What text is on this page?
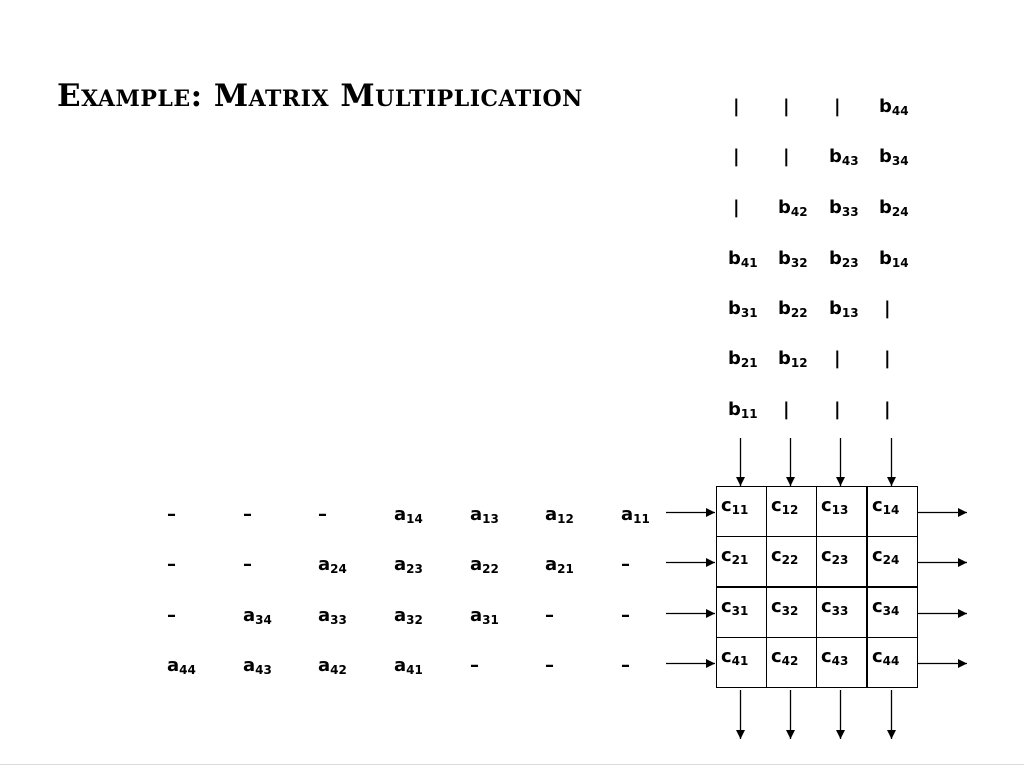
Example: Matrix Multiplication	| | | $b_{44}$
| | $b_{43}$ $b_{34}$
| $b_{42}$ $b_{33}$ $b_{24}$
$b_{41}$ $b_{32}$ $b_{23}$ $b_{14}$
$b_{31}$ $b_{22}$ $b_{13}$ |
$b_{21}$ $b_{12}$ | |
$b_{11}$ | | |
–	–	–	$a_{14}$	$a_{13}$	$a_{12}$	$a_{11}$
–	–	$a_{24}$	$a_{23}$	$a_{22}$	$a_{21}$	–
–	$a_{34}$	$a_{33}$	$a_{32}$	$a_{31}$	–	–
$a_{44}$	$a_{43}$	$a_{42}$	$a_{41}$	–	–	–
$c_{11}$ $c_{12}$ $c_{13}$ $c_{14}$
$c_{21}$ $c_{22}$ $c_{23}$ $c_{24}$
$c_{31}$ $c_{32}$ $c_{33}$ $c_{34}$
$c_{41}$ $c_{42}$ $c_{43}$ $c_{44}$
